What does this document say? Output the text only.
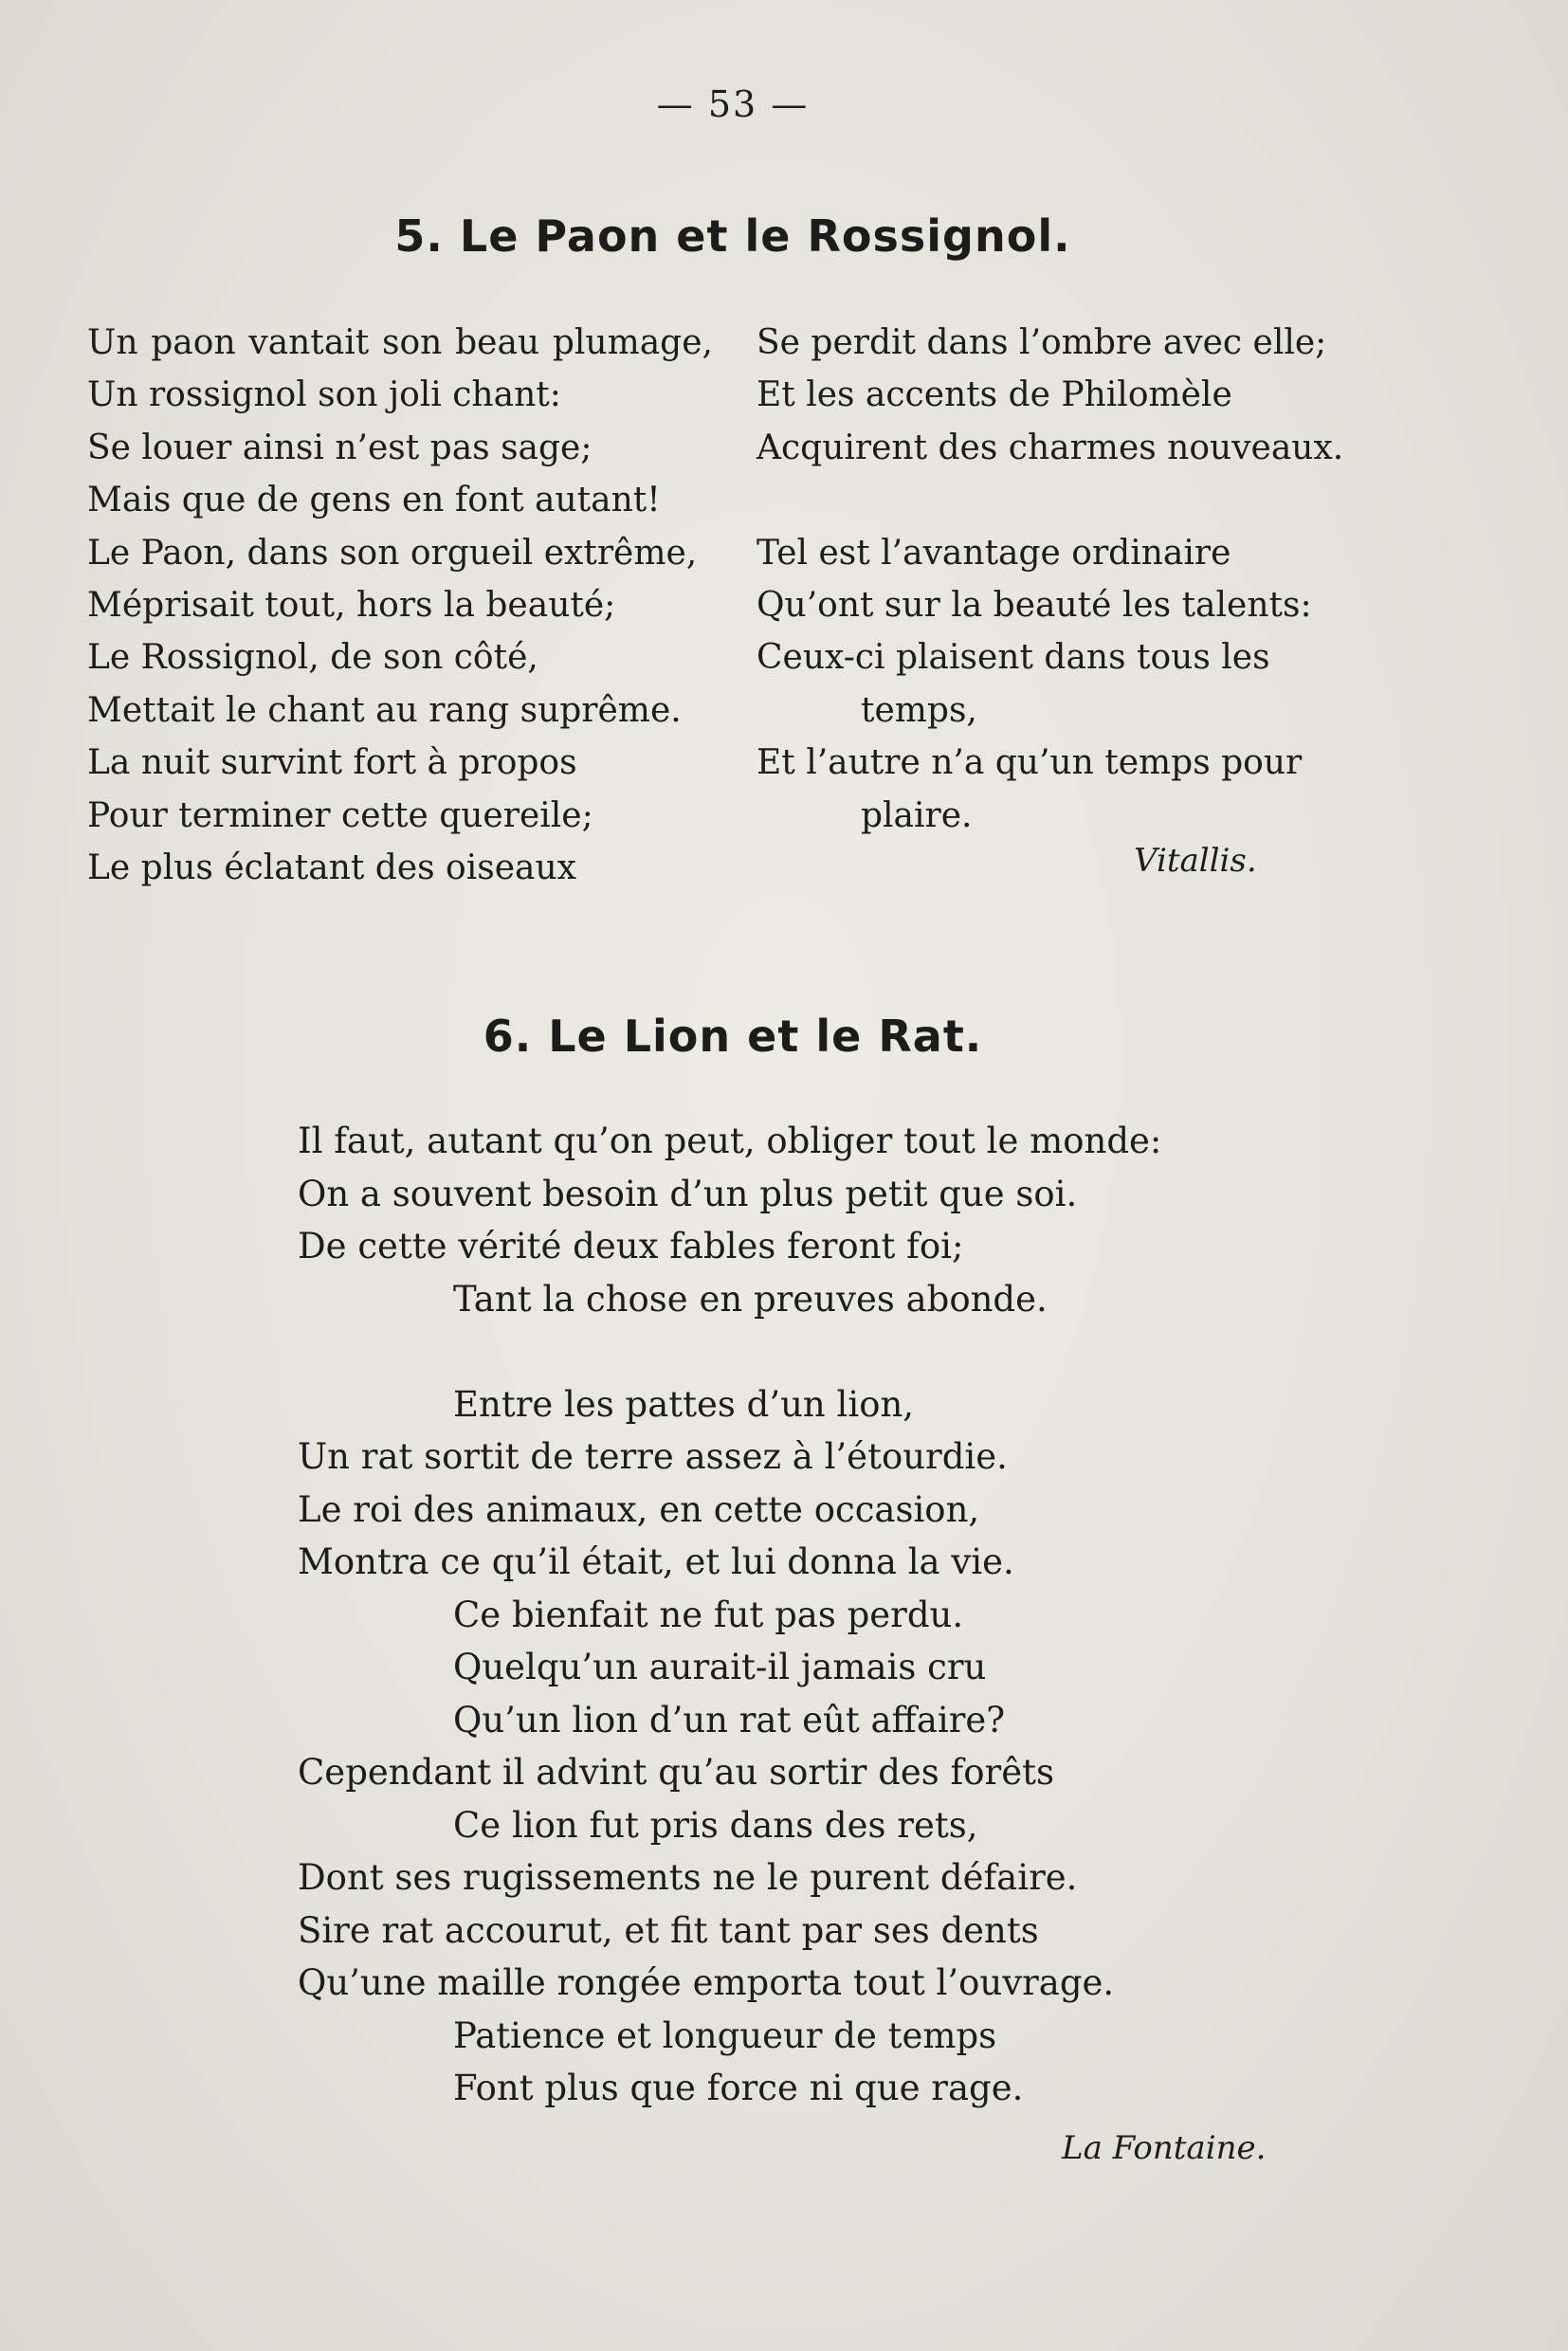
— 53 —
5. Le Paon et le Rossignol.
Un paon vantait son beau plumage,
Un rossignol son joli chant:
Se louer ainsi n’est pas sage;
Mais que de gens en font autant!
Le Paon, dans son orgueil extrême,
Méprisait tout, hors la beauté;
Le Rossignol, de son côté,
Mettait le chant au rang suprême.
La nuit survint fort à propos
Pour terminer cette quereile;
Le plus éclatant des oiseaux
Se perdit dans l’ombre avec elle;
Et les accents de Philomèle
Acquirent des charmes nouveaux.
Tel est l’avantage ordinaire
Qu’ont sur la beauté les talents:
Ceux-ci plaisent dans tous les
temps,
Et l’autre n’a qu’un temps pour
plaire.
Vitallis.
6. Le Lion et le Rat.
Il faut, autant qu’on peut, obliger tout le monde:
On a souvent besoin d’un plus petit que soi.
De cette vérité deux fables feront foi;
Tant la chose en preuves abonde.
Entre les pattes d’un lion,
Un rat sortit de terre assez à l’étourdie.
Le roi des animaux, en cette occasion,
Montra ce qu’il était, et lui donna la vie.
Ce bienfait ne fut pas perdu.
Quelqu’un aurait-il jamais cru
Qu’un lion d’un rat eût affaire?
Cependant il advint qu’au sortir des forêts
Ce lion fut pris dans des rets,
Dont ses rugissements ne le purent défaire.
Sire rat accourut, et fit tant par ses dents
Qu’une maille rongée emporta tout l’ouvrage.
Patience et longueur de temps
Font plus que force ni que rage.
La Fontaine.
